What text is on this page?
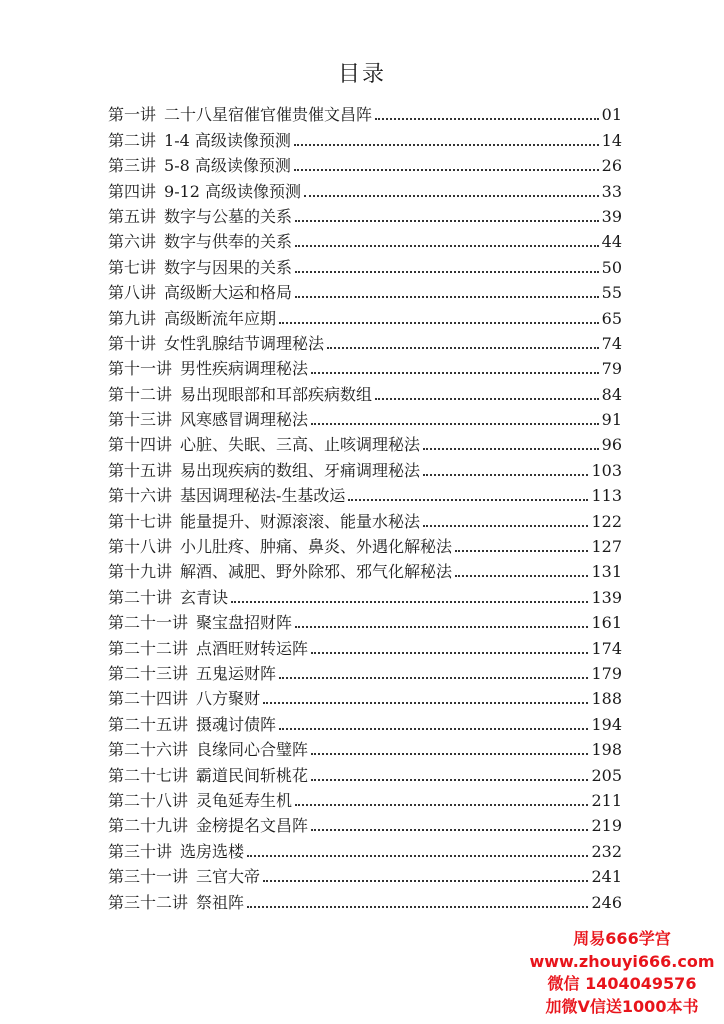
目录
第一讲 二十八星宿催官催贵催文昌阵	01
第二讲 1-4 高级读像预测	14
第三讲 5-8 高级读像预测	26
第四讲 9-12 高级读像预测	33
第五讲 数字与公墓的关系	39
第六讲 数字与供奉的关系	44
第七讲 数字与因果的关系	50
第八讲 高级断大运和格局	55
第九讲 高级断流年应期	65
第十讲 女性乳腺结节调理秘法	74
第十一讲 男性疾病调理秘法	79
第十二讲 易出现眼部和耳部疾病数组	84
第十三讲 风寒感冒调理秘法	91
第十四讲 心脏、失眠、三高、止咳调理秘法	96
第十五讲 易出现疾病的数组、牙痛调理秘法	103
第十六讲 基因调理秘法-生基改运	113
第十七讲 能量提升、财源滚滚、能量水秘法	122
第十八讲 小儿肚疼、肿痛、鼻炎、外遇化解秘法	127
第十九讲 解酒、减肥、野外除邪、邪气化解秘法	131
第二十讲 玄青诀	139
第二十一讲 聚宝盘招财阵	161
第二十二讲 点酒旺财转运阵	174
第二十三讲 五鬼运财阵	179
第二十四讲 八方聚财	188
第二十五讲 摄魂讨债阵	194
第二十六讲 良缘同心合璧阵	198
第二十七讲 霸道民间斩桃花	205
第二十八讲 灵龟延寿生机	211
第二十九讲 金榜提名文昌阵	219
第三十讲 选房选楼	232
第三十一讲 三官大帝	241
第三十二讲 祭祖阵	246
周易666学宫
www.zhouyi666.com
微信 1404049576
加微V信送1000本书
